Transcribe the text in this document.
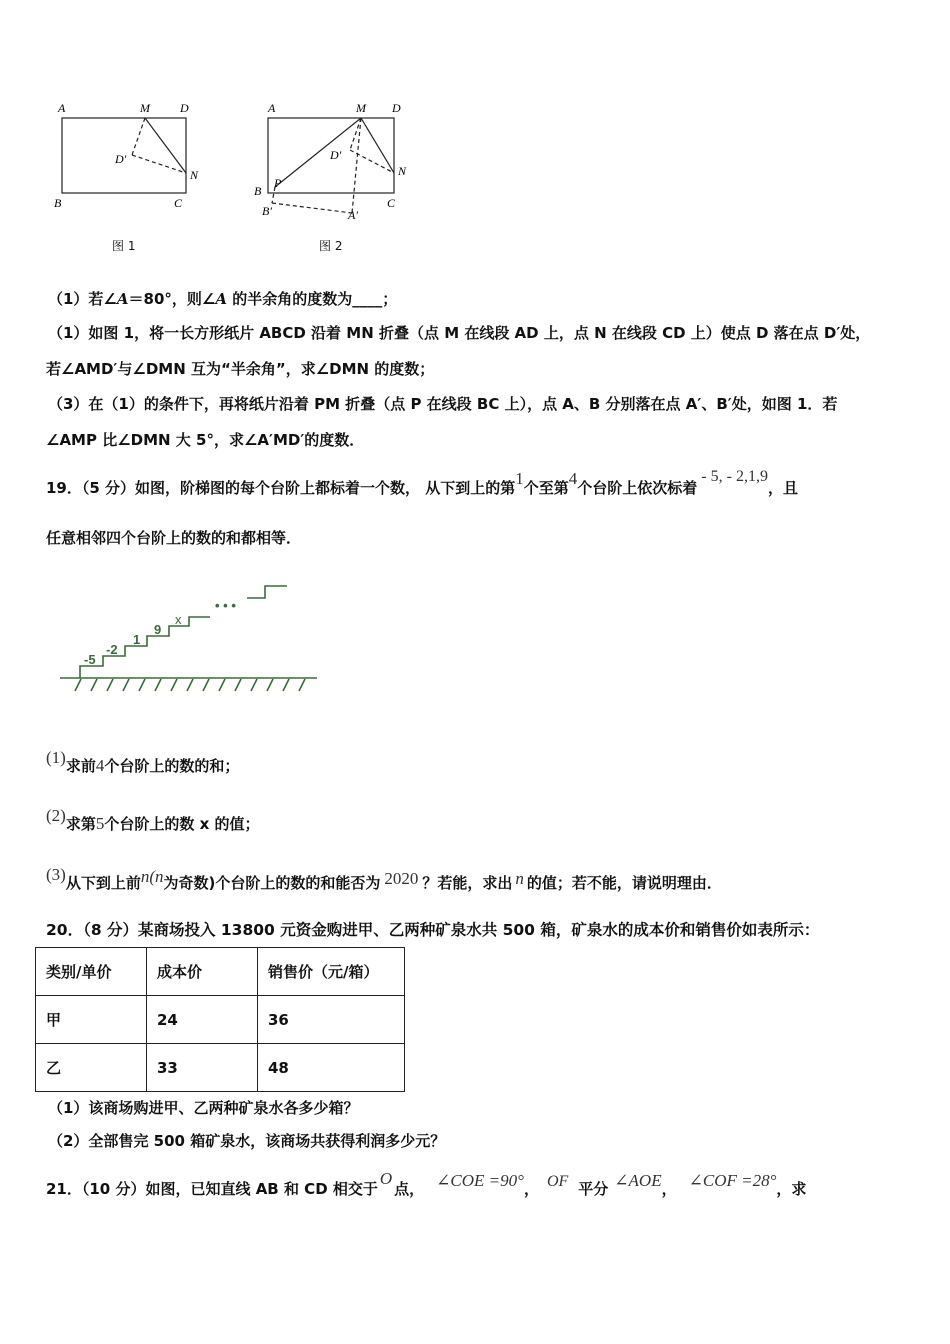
A	M	D
D′
N
B	C
图 1
A	M D
D′
N
B
P
C
B′	A′
图 2
（1）若∠A＝80°，则∠A 的半余角的度数为____；
（1）如图 1，将一长方形纸片 ABCD 沿着 MN 折叠（点 M 在线段 AD 上，点 N 在线段 CD 上）使点 D 落在点 D′处，
若∠AMD′与∠DMN 互为“半余角”，求∠DMN 的度数；
（3）在（1）的条件下，再将纸片沿着 PM 折叠（点 P 在线段 BC 上），点 A、B 分别落在点 A′、B′处，如图 1．若
∠AMP 比∠DMN 大 5°，求∠A′MD′的度数．
19．（5 分）如图，阶梯图的每个台阶上都标着一个数， 从下到上的第1个至第4个台阶上依次标着- 5, - 2,1,9，且
任意相邻四个台阶上的数的和都相等．
-5
-2
1
9
x
• • •
(1)求前4个台阶上的数的和；
(2)求第5个台阶上的数 x 的值；
(3)从下到上前n(n为奇数)个台阶上的数的和能否为 2020 ？若能，求出 n 的值；若不能，请说明理由．
20．（8 分）某商场投入 13800 元资金购进甲、乙两种矿泉水共 500 箱，矿泉水的成本价和销售价如表所示：
类别/单价	成本价	销售价（元/箱）
甲	24	36
乙	33	48
（1）该商场购进甲、乙两种矿泉水各多少箱？
（2）全部售完 500 箱矿泉水，该商场共获得利润多少元？
21．（10 分）如图，已知直线 AB 和 CD 相交于O点， ∠COE =90°， OF 平分 ∠AOE， ∠COF =28°，求
